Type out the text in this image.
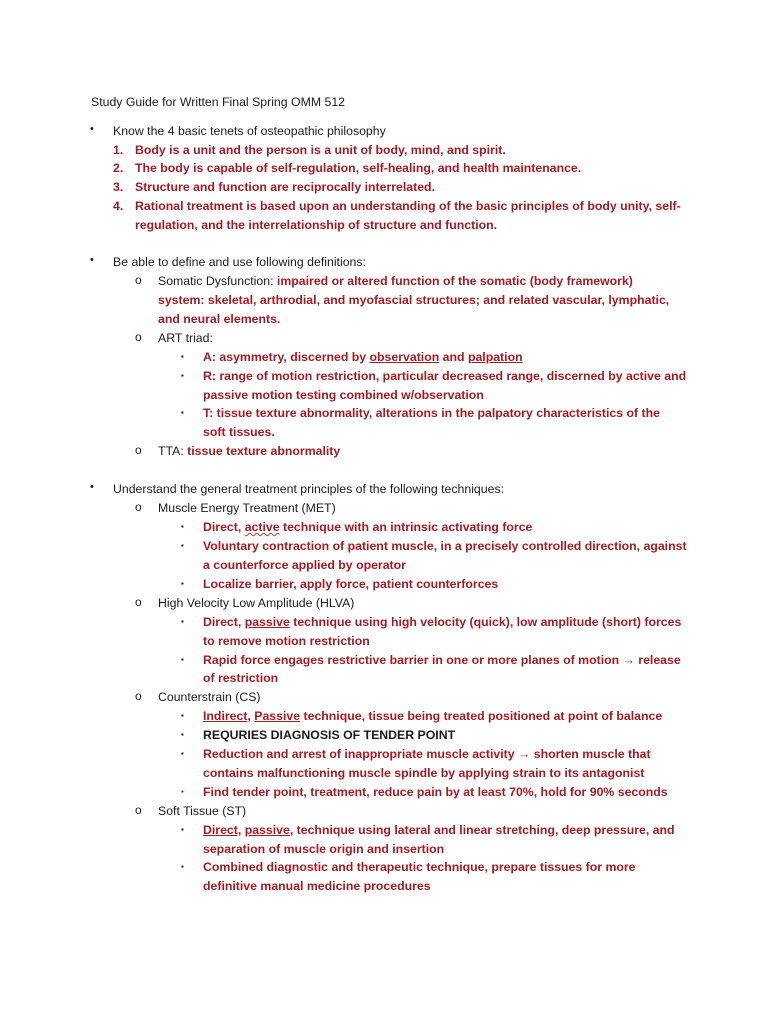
Study Guide for Written Final Spring OMM 512
• Know the 4 basic tenets of osteopathic philosophy
1. Body is a unit and the person is a unit of body, mind, and spirit.
2. The body is capable of self-regulation, self-healing, and health maintenance.
3. Structure and function are reciprocally interrelated.
4. Rational treatment is based upon an understanding of the basic principles of body unity, self-
regulation, and the interrelationship of structure and function.
• Be able to define and use following definitions:
o Somatic Dysfunction: impaired or altered function of the somatic (body framework)
system: skeletal, arthrodial, and myofascial structures; and related vascular, lymphatic,
and neural elements.
o ART triad:
▪ A: asymmetry, discerned by observation and palpation
▪ R: range of motion restriction, particular decreased range, discerned by active and
passive motion testing combined w/observation
▪ T: tissue texture abnormality, alterations in the palpatory characteristics of the
soft tissues.
o TTA: tissue texture abnormality
• Understand the general treatment principles of the following techniques:
o Muscle Energy Treatment (MET)
▪ Direct, active technique with an intrinsic activating force
▪ Voluntary contraction of patient muscle, in a precisely controlled direction, against
a counterforce applied by operator
▪ Localize barrier, apply force, patient counterforces
o High Velocity Low Amplitude (HLVA)
▪ Direct, passive technique using high velocity (quick), low amplitude (short) forces
to remove motion restriction
▪ Rapid force engages restrictive barrier in one or more planes of motion → release
of restriction
o Counterstrain (CS)
▪ Indirect, Passive technique, tissue being treated positioned at point of balance
▪ REQURIES DIAGNOSIS OF TENDER POINT
▪ Reduction and arrest of inappropriate muscle activity → shorten muscle that
contains malfunctioning muscle spindle by applying strain to its antagonist
▪ Find tender point, treatment, reduce pain by at least 70%, hold for 90% seconds
o Soft Tissue (ST)
▪ Direct, passive, technique using lateral and linear stretching, deep pressure, and
separation of muscle origin and insertion
▪ Combined diagnostic and therapeutic technique, prepare tissues for more
definitive manual medicine procedures
